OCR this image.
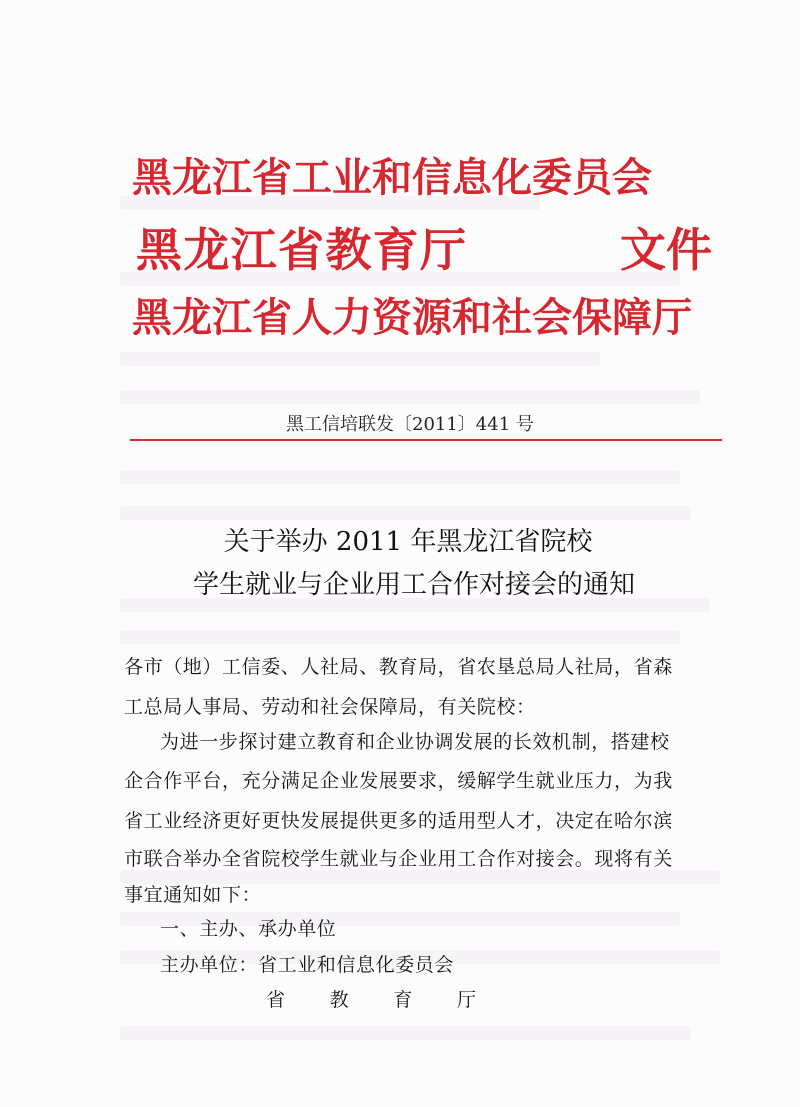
黑龙江省工业和信息化委员会
黑 龙 江 省 教 育 厅	文件
黑龙江省人力资源和社会保障厅
黑工信培联发〔2011〕441 号
关于举办 2011 年黑龙江省院校
学生就业与企业用工合作对接会的通知
各市（地）工信委、人社局、教育局，省农垦总局人社局，省森
工总局人事局、劳动和社会保障局，有关院校：
为进一步探讨建立教育和企业协调发展的长效机制，搭建校
企合作平台，充分满足企业发展要求，缓解学生就业压力，为我
省工业经济更好更快发展提供更多的适用型人才，决定在哈尔滨
市联合举办全省院校学生就业与企业用工合作对接会。现将有关
事宜通知如下：
一、主办、承办单位
主办单位：省工业和信息化委员会
省 教 育 厅
